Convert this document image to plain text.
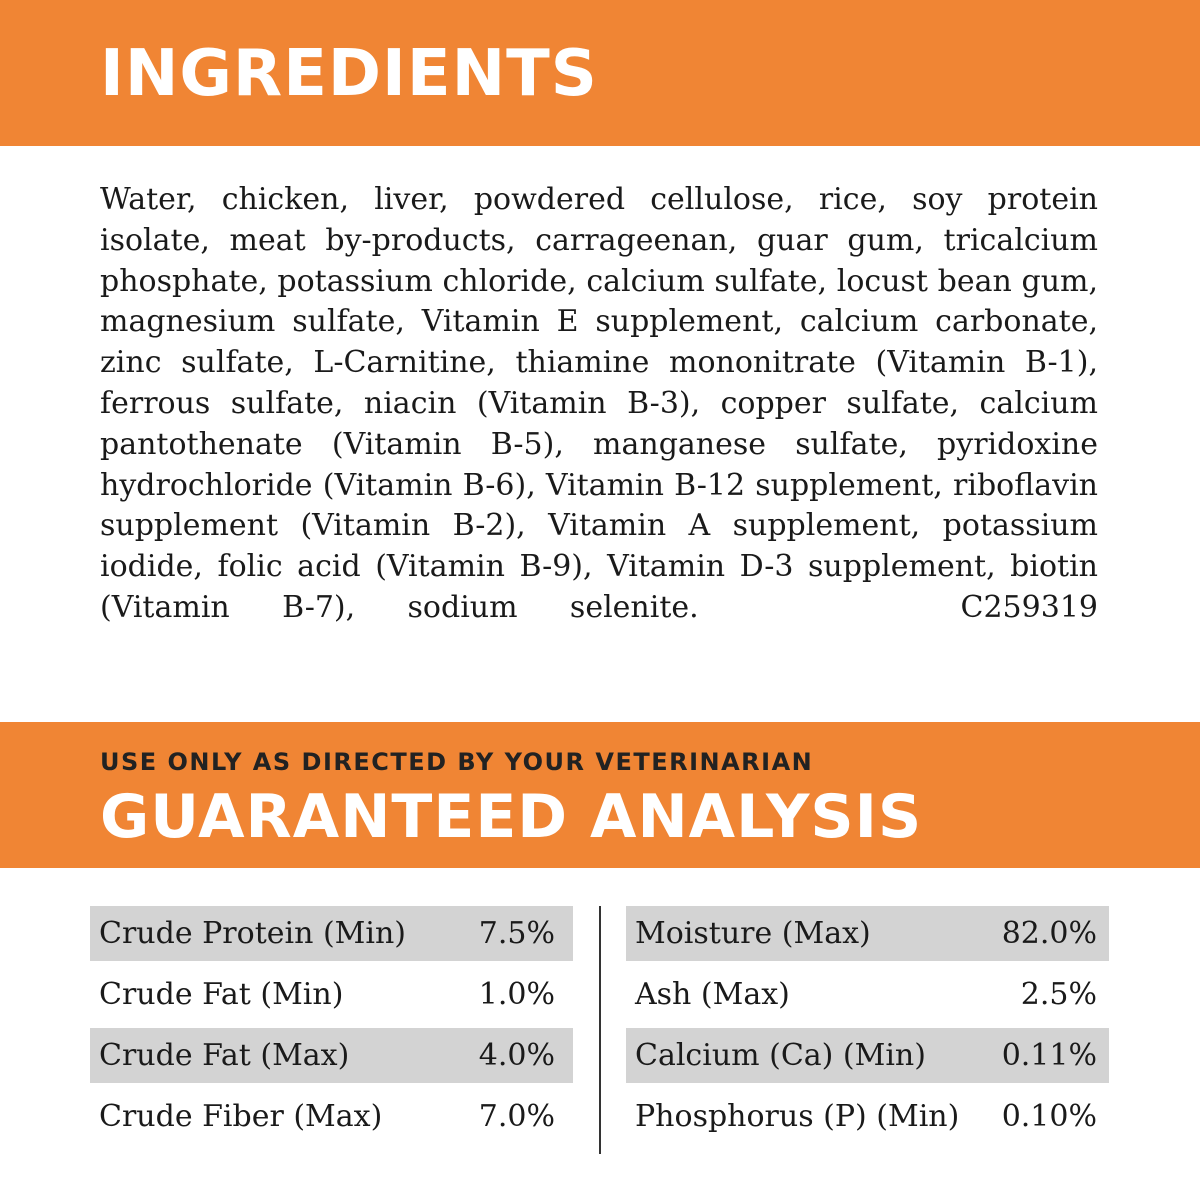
INGREDIENTS
Water, chicken, liver, powdered cellulose, rice, soy protein isolate, meat by-products, carrageenan, guar gum, tricalcium phosphate, potassium chloride, calcium sulfate, locust bean gum, magnesium sulfate, Vitamin E supplement, calcium carbonate, zinc sulfate, L-Carnitine, thiamine mononitrate (Vitamin B-1), ferrous sulfate, niacin (Vitamin B-3), copper sulfate, calcium pantothenate (Vitamin B-5), manganese sulfate, pyridoxine hydrochloride (Vitamin B-6), Vitamin B-12 supplement, riboflavin supplement (Vitamin B-2), Vitamin A supplement, potassium iodide, folic acid (Vitamin B-9), Vitamin D-3 supplement, biotin (Vitamin B-7), sodium selenite.	C259319
GUARANTEED ANALYSIS
USE ONLY AS DIRECTED BY YOUR VETERINARIAN
Crude Protein (Min) 7.5%
Crude Fat (Min)	1.0%
Crude Fat (Max)	4.0%
Crude Fiber (Max)	7.0%
Moisture (Max)	82.0%
Ash (Max)	2.5%
Calcium (Ca) (Min)	0.11%
Phosphorus (P) (Min) 0.10%
